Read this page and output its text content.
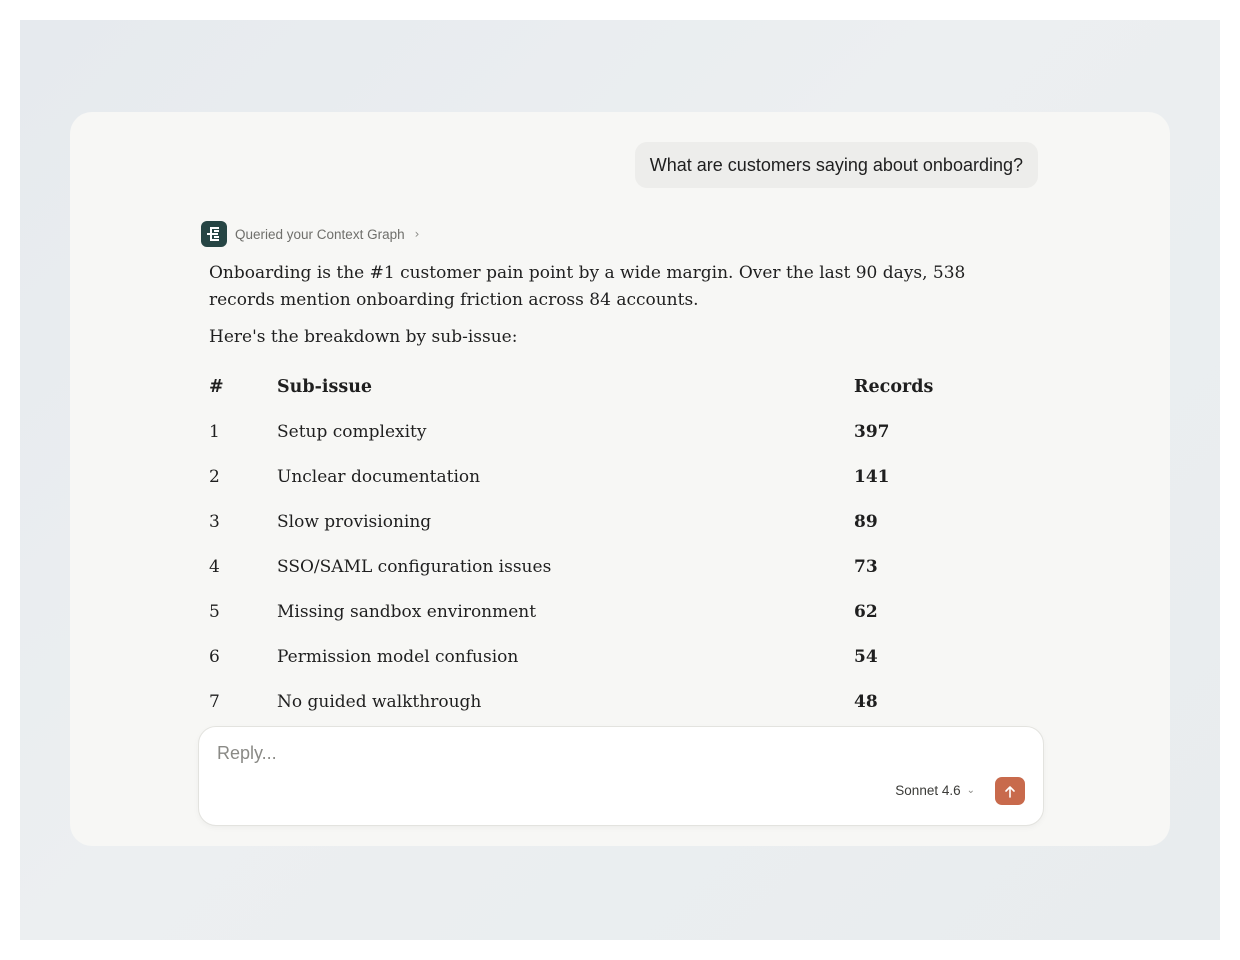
What are customers saying about onboarding?
Queried your Context Graph ›

Onboarding is the #1 customer pain point by a wide margin. Over the last 90 days, 538 records mention onboarding friction across 84 accounts.

Here's the breakdown by sub-issue:

#	Sub-issue	Records
1	Setup complexity	397
2	Unclear documentation	141
3	Slow provisioning	89
4	SSO/SAML configuration issues	73
5	Missing sandbox environment	62
6	Permission model confusion	54
7	No guided walkthrough	48
Reply...
Sonnet 4.6 ⌄
